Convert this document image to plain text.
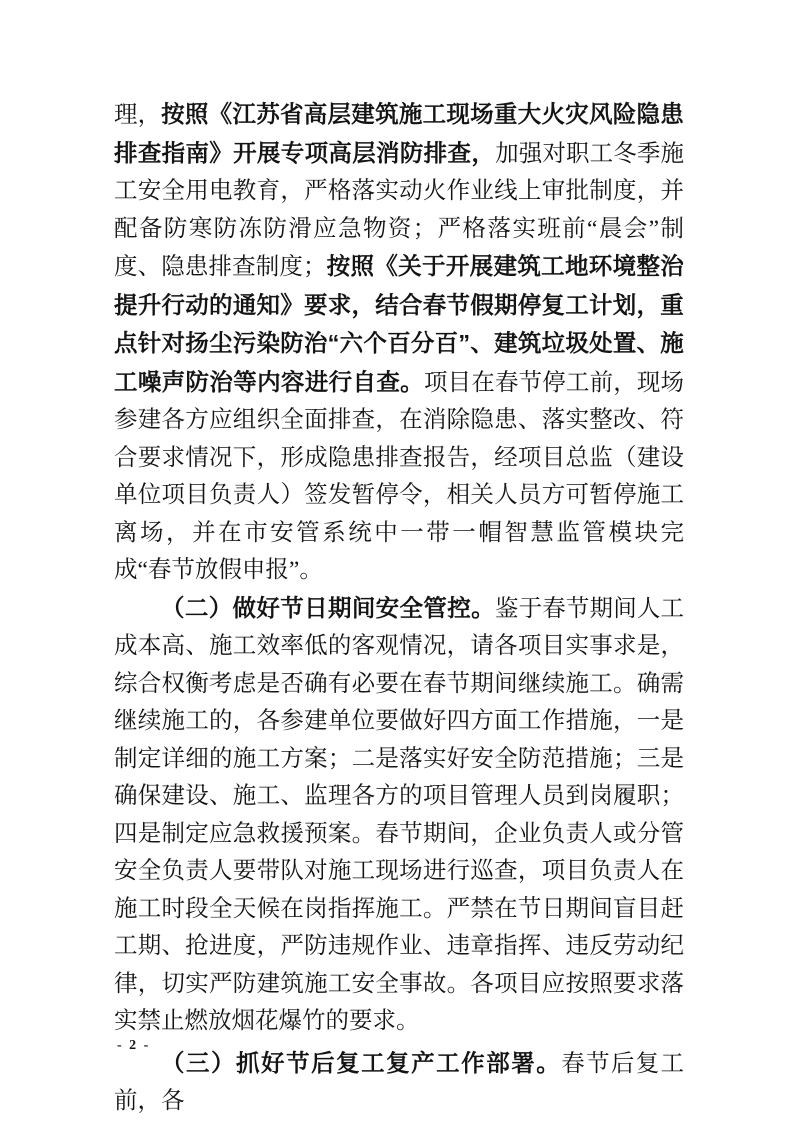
理，按照《江苏省高层建筑施工现场重大火灾风险隐患排查指南》开展专项高层消防排查，加强对职工冬季施工安全用电教育，严格落实动火作业线上审批制度，并配备防寒防冻防滑应急物资；严格落实班前“晨会”制度、隐患排查制度；按照《关于开展建筑工地环境整治提升行动的通知》要求，结合春节假期停复工计划，重点针对扬尘污染防治“六个百分百”、建筑垃圾处置、施工噪声防治等内容进行自查。项目在春节停工前，现场参建各方应组织全面排查，在消除隐患、落实整改、符合要求情况下，形成隐患排查报告，经项目总监（建设单位项目负责人）签发暂停令，相关人员方可暂停施工离场，并在市安管系统中一带一帽智慧监管模块完成“春节放假申报”。

（二）做好节日期间安全管控。鉴于春节期间人工成本高、施工效率低的客观情况，请各项目实事求是，综合权衡考虑是否确有必要在春节期间继续施工。确需继续施工的，各参建单位要做好四方面工作措施，一是制定详细的施工方案；二是落实好安全防范措施；三是确保建设、施工、监理各方的项目管理人员到岗履职；四是制定应急救援预案。春节期间，企业负责人或分管安全负责人要带队对施工现场进行巡查，项目负责人在施工时段全天候在岗指挥施工。严禁在节日期间盲目赶工期、抢进度，严防违规作业、违章指挥、违反劳动纪律，切实严防建筑施工安全事故。各项目应按照要求落实禁止燃放烟花爆竹的要求。

（三）抓好节后复工复产工作部署。春节后复工前，各

- 2 -
